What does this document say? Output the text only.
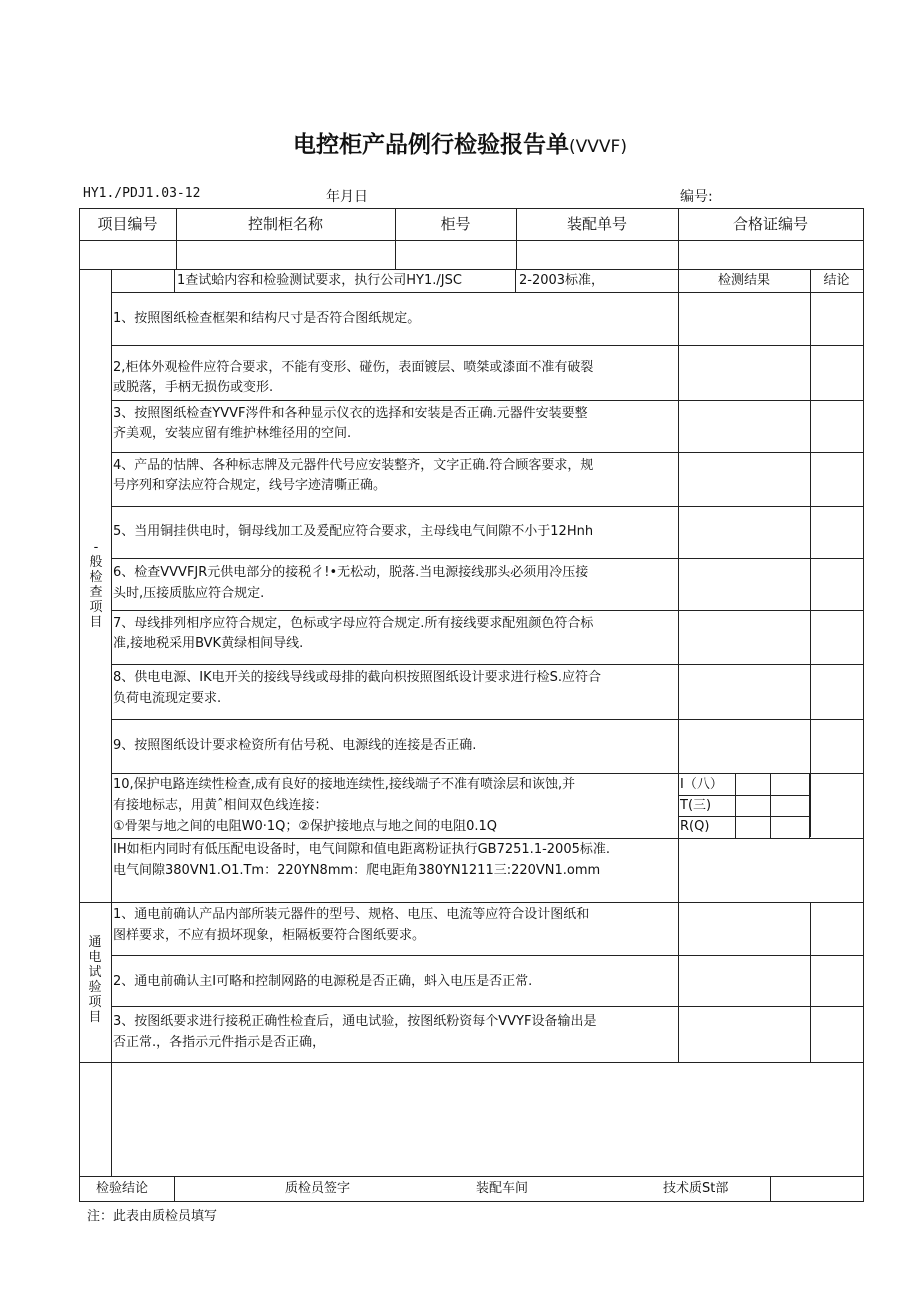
电控柜产品例行检验报告单(VVVF)
HY1./PDJ1.03-12	年月日	编号:
项目编号	控制柜名称	柜号	装配单号	合格证编号
-般检查项目
1查试蛤内容和检验测试要求，执行公司HY1./JSC	2-2003标准，	检测结果	结论
1、按照图纸检查框架和结构尺寸是否符合图纸规定。
2,柜体外观检件应符合要求，不能有变形、碰伤，表面镀层、喷桀或漆面不准有破裂
或脱落，手柄无损伤或变形.
3、按照图纸检查YVVF涔件和各种显示仪衣的选择和安装是否正确.元器件安装要整
齐美观，安装应留有维护林维径用的空间.
4、产品的怙牌、各种标志牌及元器件代号应安装整齐，文字正确.符合顾客要求，规
号序列和穿法应符合规定，线号字迹清嘶正确。
5、当用铜挂供电时，铜母线加工及爰配应符合要求，主母线电气间隙不小于12Hnh
6、检查VVVFJR元供电部分的接税彳!•无松动，脱落.当电源接线那头必须用冷压接
头时,压接质肱应符合规定.
7、母线排列相序应符合规定，色标或字母应符合规定.所有接线要求配殂颜色符合标
准,接地税采用BVK黄绿相间导线.
8、供电电源、IK电开关的接线导线或母排的截向枳按照图纸设计要求进行检S.应符合
负荷电流现定要求.
9、按照图纸设计要求检资所有估号税、电源线的连接是否正确.
10,保护电路连续性检查,成有良好的接地连续性,接线端子不准有喷涂层和诙蚀,并
有接地标志，用黄ˆ相间双色线连接：
①骨架与地之间的电阻W0·1Q；②保护接地点与地之间的电阻0.1Q
I（八）
T(三)
R(Q)
IH如柜内同时有低压配电设备时，电气间隙和值电距离粉证执行GB7251.1-2005标准.
电气间隙380VN1.O1.Tm：220YN8mm：爬电距角380YN1211三:220VN1.omm
通电试验项目
1、通电前确认产品内部所装元器件的型号、规格、电压、电流等应符合设计图纸和
图样要求，不应有损坏现象，柜隔板要符合图纸要求。
2、通电前确认主I可略和控制网路的电源税是否正确，蚪入电压是否正常.
3、按图纸要求进行接税正确性检査后，通电试验，按图纸粉资每个VVYF设备输出是
否正常.，各指示元件指示是否正确，
检验结论	质检员签字	装配车间	技术质St部
注：此表由质检员填写
